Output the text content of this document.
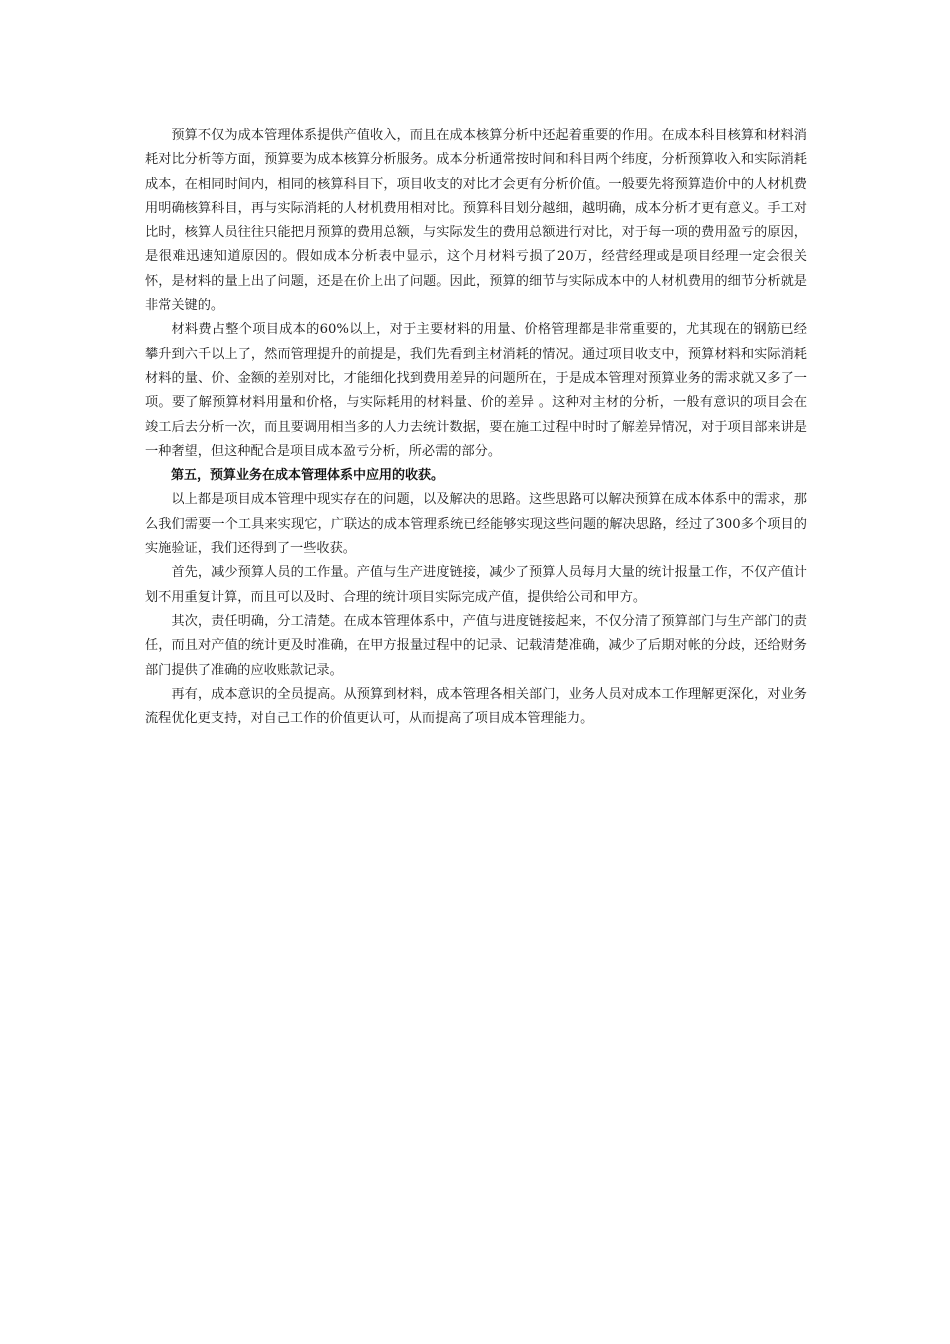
预算不仅为成本管理体系提供产值收入，而且在成本核算分析中还起着重要的作用。在成本科目核算和材料消耗对比分析等方面，预算要为成本核算分析服务。成本分析通常按时间和科目两个纬度，分析预算收入和实际消耗成本，在相同时间内，相同的核算科目下，项目收支的对比才会更有分析价值。一般要先将预算造价中的人材机费用明确核算科目，再与实际消耗的人材机费用相对比。预算科目划分越细，越明确，成本分析才更有意义。手工对比时，核算人员往往只能把月预算的费用总额，与实际发生的费用总额进行对比，对于每一项的费用盈亏的原因，是很难迅速知道原因的。假如成本分析表中显示，这个月材料亏损了20万，经营经理或是项目经理一定会很关怀，是材料的量上出了问题，还是在价上出了问题。因此，预算的细节与实际成本中的人材机费用的细节分析就是非常关键的。

材料费占整个项目成本的60%以上，对于主要材料的用量、价格管理都是非常重要的，尤其现在的钢筋已经攀升到六千以上了，然而管理提升的前提是，我们先看到主材消耗的情况。通过项目收支中，预算材料和实际消耗材料的量、价、金额的差别对比，才能细化找到费用差异的问题所在，于是成本管理对预算业务的需求就又多了一项。要了解预算材料用量和价格，与实际耗用的材料量、价的差异 。这种对主材的分析，一般有意识的项目会在竣工后去分析一次，而且要调用相当多的人力去统计数据，要在施工过程中时时了解差异情况，对于项目部来讲是一种奢望，但这种配合是项目成本盈亏分析，所必需的部分。

第五，预算业务在成本管理体系中应用的收获。

以上都是项目成本管理中现实存在的问题，以及解决的思路。这些思路可以解决预算在成本体系中的需求，那么我们需要一个工具来实现它，广联达的成本管理系统已经能够实现这些问题的解决思路，经过了300多个项目的实施验证，我们还得到了一些收获。

首先，减少预算人员的工作量。产值与生产进度链接，减少了预算人员每月大量的统计报量工作，不仅产值计划不用重复计算，而且可以及时、合理的统计项目实际完成产值，提供给公司和甲方。

其次，责任明确，分工清楚。在成本管理体系中，产值与进度链接起来，不仅分清了预算部门与生产部门的责任，而且对产值的统计更及时准确，在甲方报量过程中的记录、记载清楚准确，减少了后期对帐的分歧，还给财务部门提供了准确的应收账款记录。

再有，成本意识的全员提高。从预算到材料，成本管理各相关部门，业务人员对成本工作理解更深化，对业务流程优化更支持，对自己工作的价值更认可，从而提高了项目成本管理能力。
